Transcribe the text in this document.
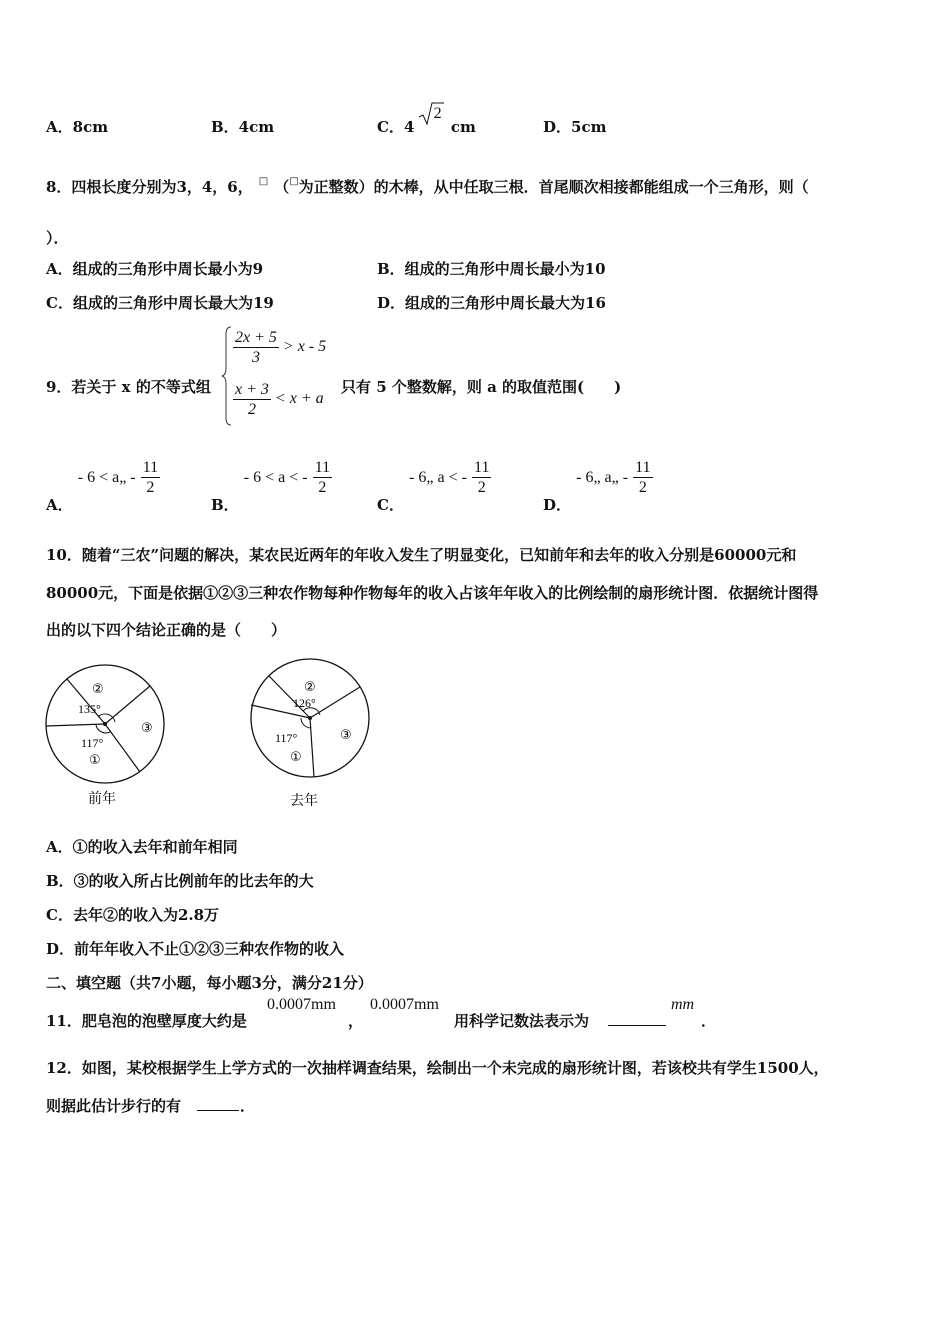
A．8cm	B．4cm	C．4
2 cm	D．5cm
8．四根长度分别为3，4，6， □ （□为正整数）的木棒，从中任取三根．首尾顺次相接都能组成一个三角形，则（
）．
A．组成的三角形中周长最小为9	B．组成的三角形中周长最小为10
C．组成的三角形中周长最大为19	D．组成的三角形中周长最大为16
9．若关于 x 的不等式组
$\frac{2x + 5}{3} > x - 5$
$\frac{x + 3}{2} < x + a$
只有 5 个整数解，则 a 的取值范围(　　)
A． - 6 < a„ - $\frac{11}{2}$
B． - 6 < a < - $\frac{11}{2}$
C． - 6„ a < - $\frac{11}{2}$
D． - 6„ a„ - $\frac{11}{2}$
10．随着“三农”问题的解决，某农民近两年的年收入发生了明显变化，已知前年和去年的收入分别是60000元和
80000元，下面是依据①②③三种农作物每种作物每年的收入占该年年收入的比例绘制的扇形统计图．依据统计图得
出的以下四个结论正确的是（　　）
②
135°
117°
①
③
前年
②
126°
117°
①
③
去年
A．①的收入去年和前年相同
B．③的收入所占比例前年的比去年的大
C．去年②的收入为2.8万
D．前年年收入不止①②③三种农作物的收入
二、填空题（共7小题，每小题3分，满分21分）
11．肥皂泡的泡壁厚度大约是
0.0007mm
，
0.0007mm
用科学记数法表示为
mm
．
12．如图，某校根据学生上学方式的一次抽样调查结果，绘制出一个未完成的扇形统计图，若该校共有学生1500人，
则据此估计步行的有	．
